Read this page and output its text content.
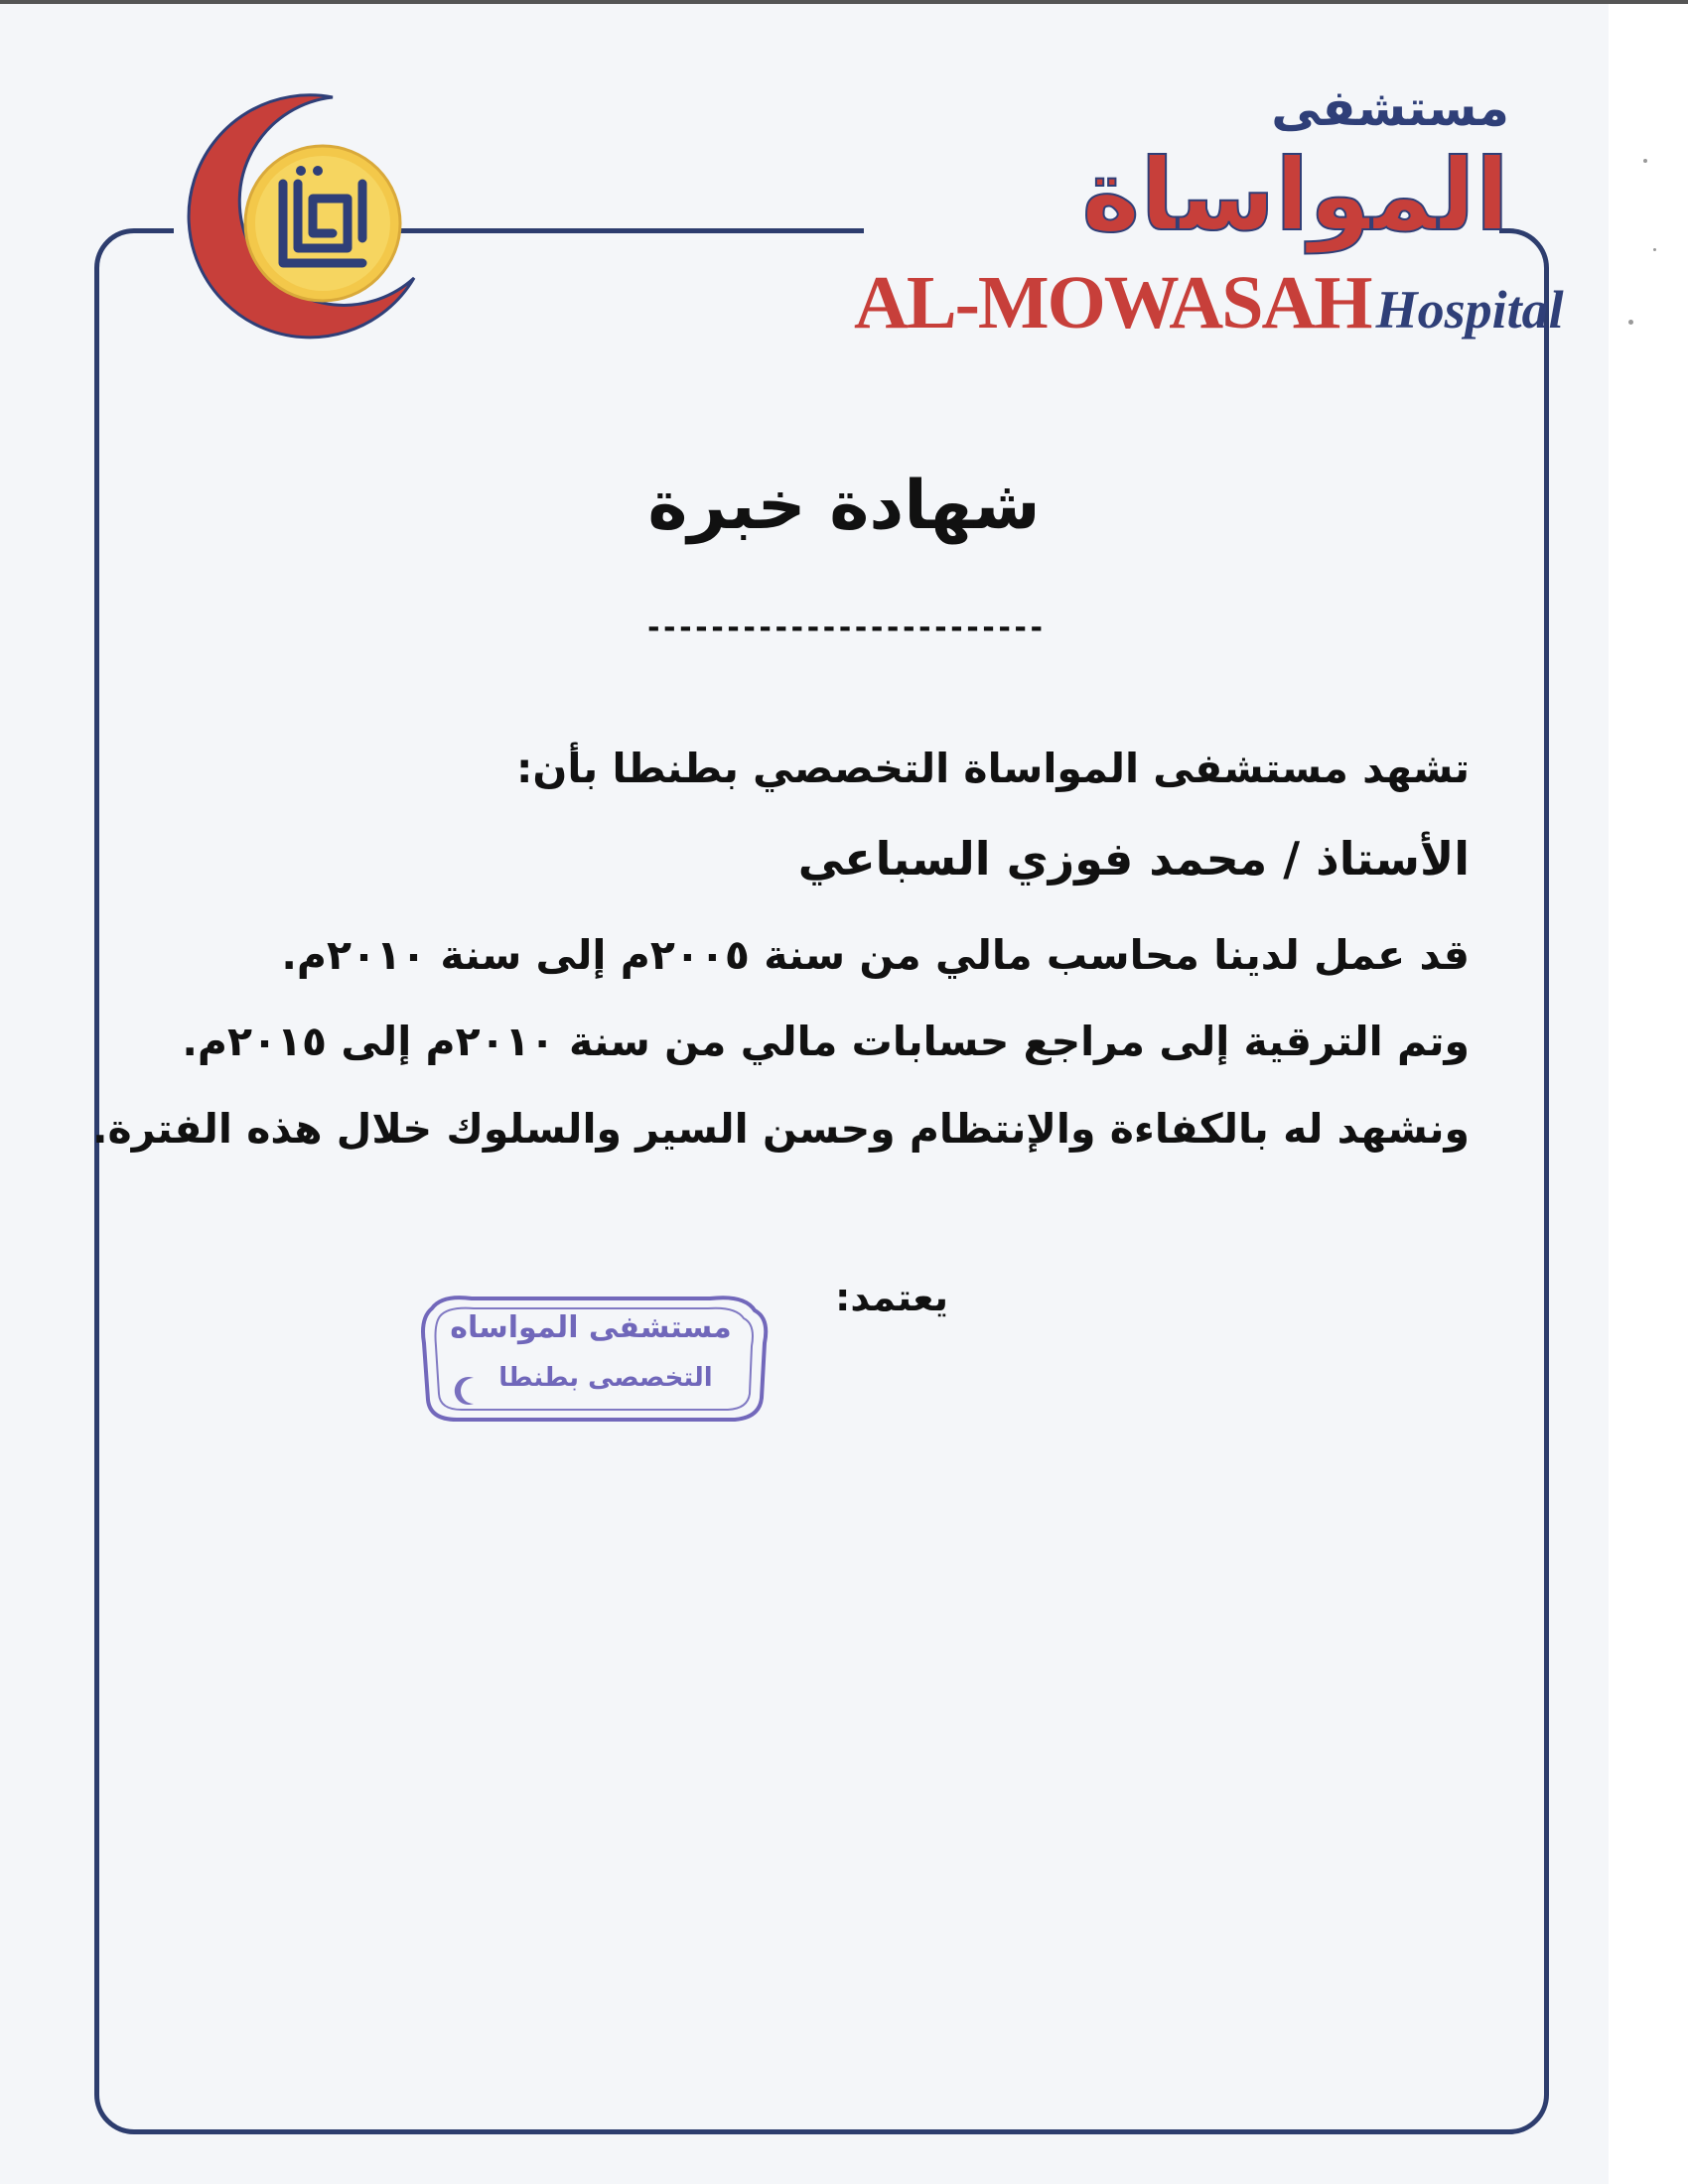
مستشفى المواساة
AL-MOWASAH Hospital
شهادة خبرة
-------------------------
تشهد مستشفى المواساة التخصصي بطنطا بأن:
الأستاذ / محمد فوزي السباعي
قد عمل لدينا محاسب مالي من سنة ٢٠٠٥م إلى سنة ٢٠١٠م.
وتم الترقية إلى مراجع حسابات مالي من سنة ٢٠١٠م إلى ٢٠١٥م.
ونشهد له بالكفاءة والإنتظام وحسن السير والسلوك خلال هذه الفترة.
يعتمد:
مستشفى المواساه
التخصصى بطنطا
